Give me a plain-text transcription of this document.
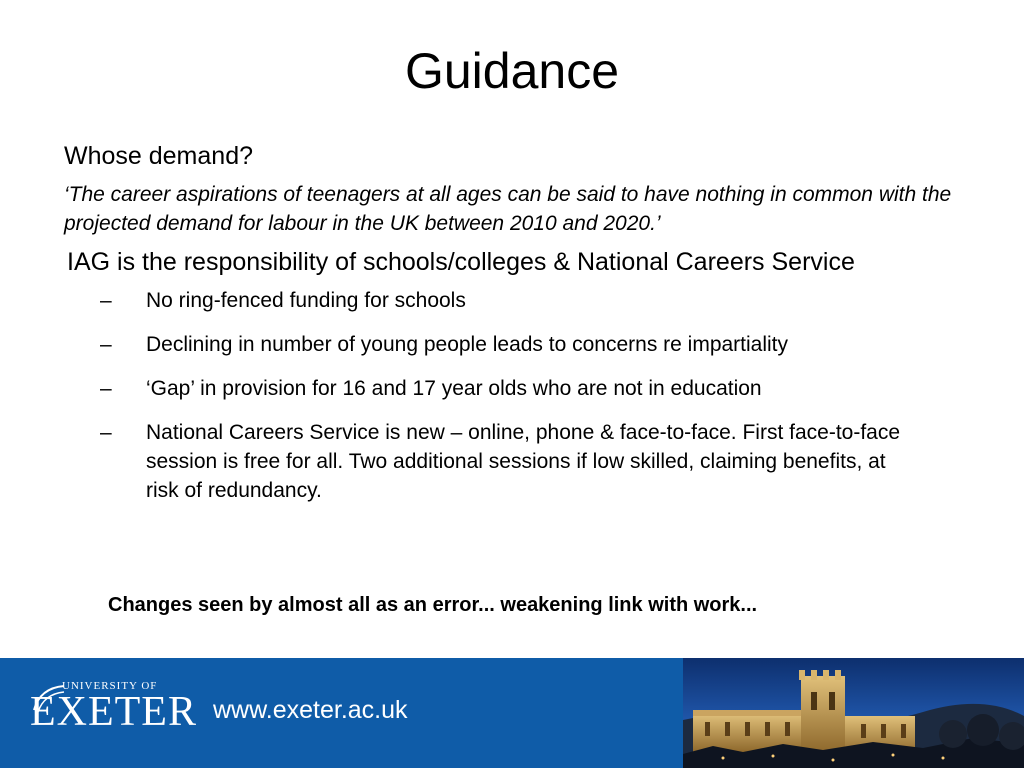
Guidance

Whose demand?

‘The career aspirations of teenagers at all ages can be said to have nothing in common with the projected demand for labour in the UK between 2010 and 2020.’

IAG is the responsibility of schools/colleges & National Careers Service

– No ring-fenced funding for schools
– Declining in number of young people leads to concerns re impartiality
– ‘Gap’ in provision for 16 and 17 year olds who are not in education
– National Careers Service is new – online, phone & face-to-face. First face-to-face session is free for all. Two additional sessions if low skilled, claiming benefits, at risk of redundancy.
Changes seen by almost all as an error... weakening link with work...
UNIVERSITY OF
EXETER www.exeter.ac.uk
